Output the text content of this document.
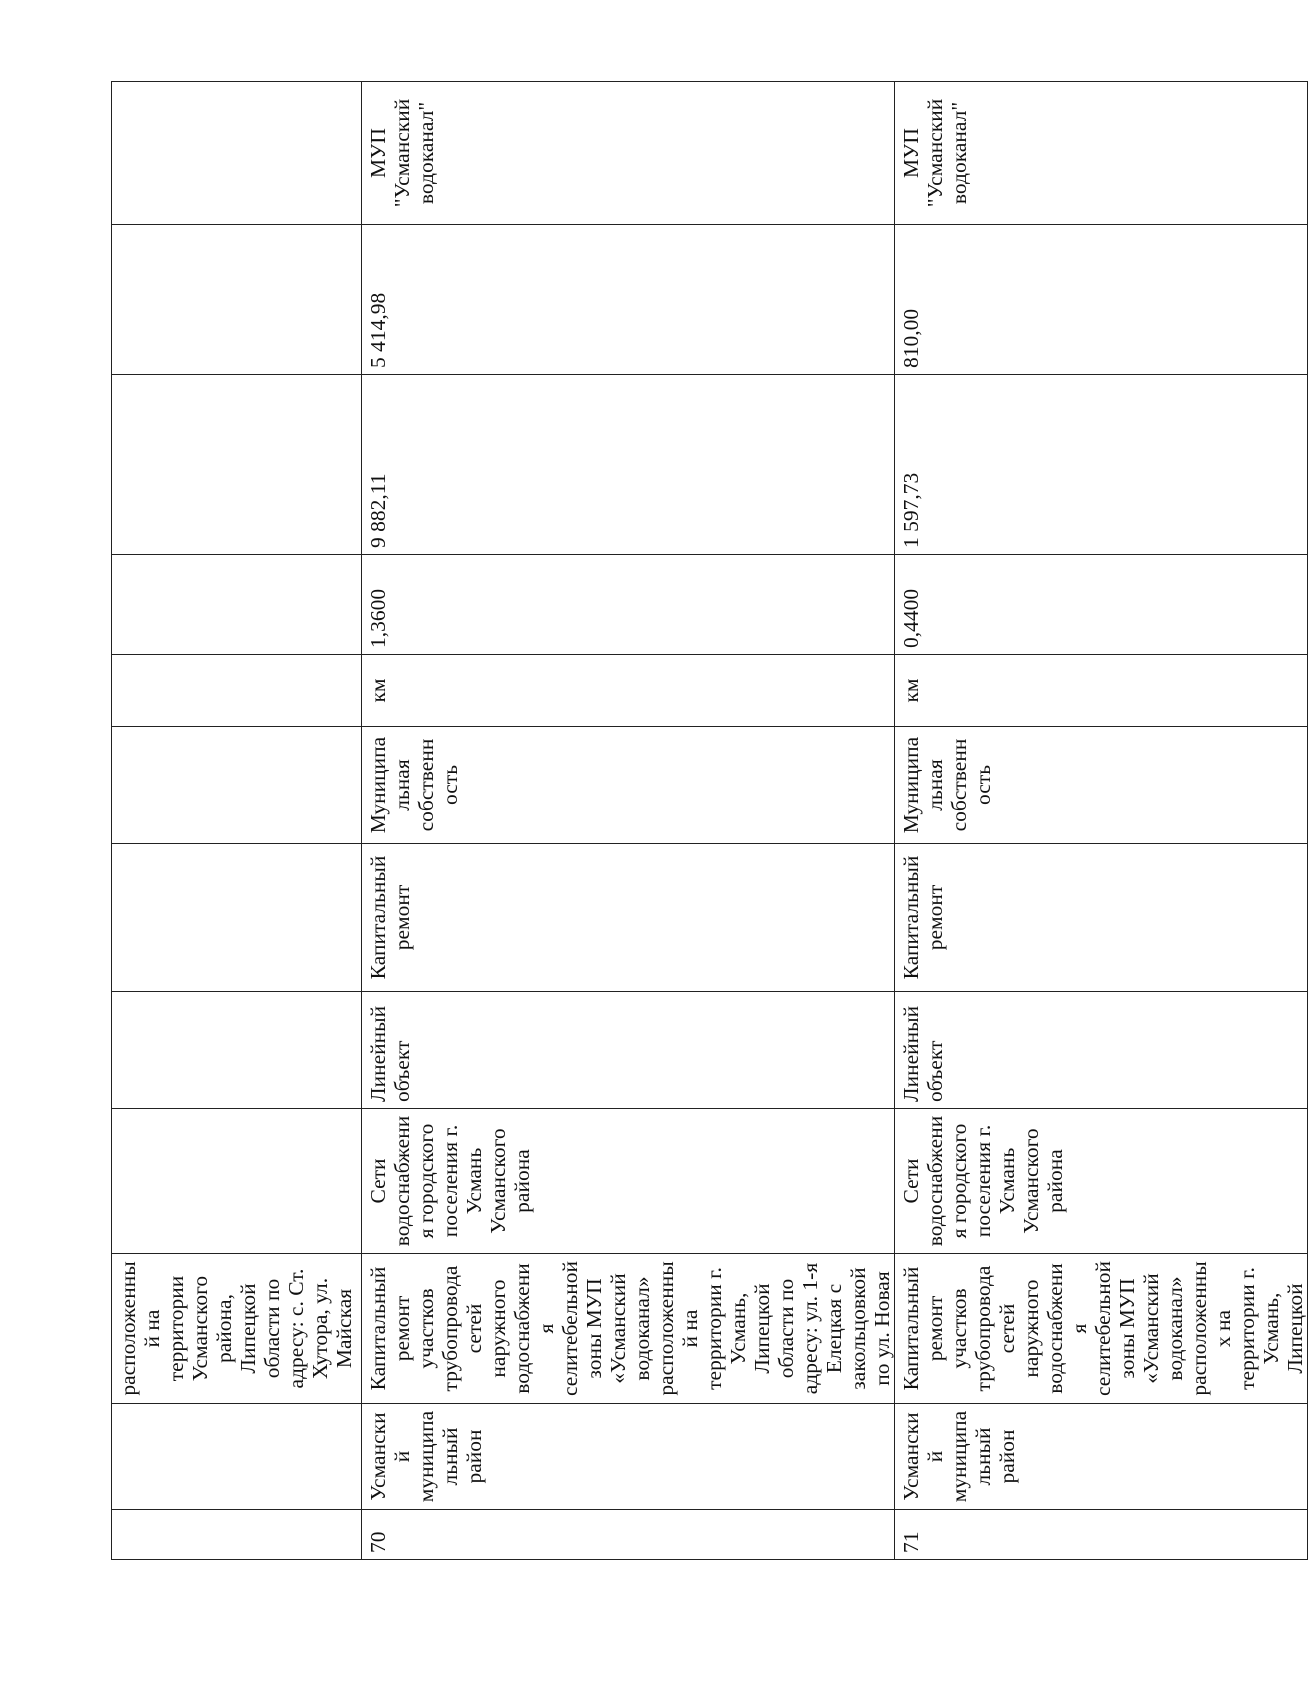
		расположенный на территории Усманского района, Липецкой области по адресу: с. Ст. Хутора, ул. Майская									
70	Усманский муниципальный район	Капитальный ремонт участков трубопровода сетей наружного водоснабжения селитебельной зоны МУП «Усманский водоканал» расположенный на территории г. Усмань, Липецкой области по адресу: ул. 1-я Елецкая с закольцовкой по ул. Новая	Сети водоснабжения городского поселения г. Усмань Усманского района	Линейный объект	Капитальный ремонт	Муниципальная собственность	км	1,3600	9 882,11	5 414,98	МУП "Усманский водоканал"
71	Усманский муниципальный район	Капитальный ремонт участков трубопровода сетей наружного водоснабжения селитебельной зоны МУП «Усманский водоканал» расположенных на территории г. Усмань, Липецкой	Сети водоснабжения городского поселения г. Усмань Усманского района	Линейный объект	Капитальный ремонт	Муниципальная собственность	км	0,4400	1 597,73	810,00	МУП "Усманский водоканал"
